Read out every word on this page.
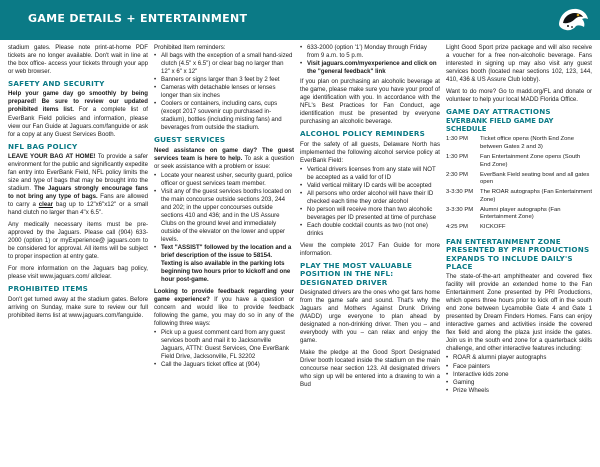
GAME DETAILS + ENTERTAINMENT

stadium gates. Please note print-at-home PDF tickets are no longer available. Don't wait in line at the box office- access your tickets through your app or web browser.

SAFETY AND SECURITY

Help your game day go smoothly by being prepared! Be sure to review our updated prohibited items list. For a complete list of EverBank Field policies and information, please view our Fan Guide at Jaguars.com/fanguide or ask for a copy at any Guest Services Booth.

NFL BAG POLICY

LEAVE YOUR BAG AT HOME! To provide a safer environment for the public and significantly expedite fan entry into EverBank Field, NFL policy limits the size and type of bags that may be brought into the stadium. The Jaguars strongly encourage fans to not bring any type of bags. Fans are allowed to carry a clear bag up to 12"x6"x12" or a small hand clutch no larger than 4"x 6.5".

Any medically necessary items must be pre-approved by the Jaguars. Please call (904) 633-2000 (option 1) or myExperience@ jaguars.com to be considered for approval. All items will be subject to proper inspection at entry gate.

For more information on the Jaguars bag policy, please visit www.jaguars.com/ allclear.

PROHIBITED ITEMS

Don't get turned away at the stadium gates. Before arriving on Sunday, make sure to review our full prohibited items list at www.jaguars.com/fanguide.

Prohibited Item reminders:

• All bags with the exception of a small hand-sized clutch (4.5" x 6.5") or clear bag no larger than 12" x 6" x 12"
• Banners or signs larger than 3 feet by 2 feet
• Cameras with detachable lenses or lenses longer than six inches
• Coolers or containers, including cans, cups (except 2017 souvenir cup purchased in-stadium), bottles (including misting fans) and beverages from outside the stadium.
GUEST SERVICES

Need assistance on game day? The guest services team is here to help. To ask a question or seek assistance with a problem or issue:

• Locate your nearest usher, security guard, police officer or guest services team member.
• Visit any of the guest services booths located on the main concourse outside sections 203, 244 and 202; in the upper concourses outside sections 410 and 436; and in the US Assure Clubs on the ground level and immediately outside of the elevator on the lower and upper levels.
• Text "ASSIST" followed by the location and a brief description of the issue to 58154. Texting is also available in the parking lots beginning two hours prior to kickoff and one hour post-game.

Looking to provide feedback regarding your game experience? If you have a question or concern and would like to provide feedback following the game, you may do so in any of the following three ways:

• Pick up a guest comment card from any guest services booth and mail it to Jacksonville Jaguars, ATTN: Guest Services, One EverBank Field Drive, Jacksonville, FL 32202
• Call the Jaguars ticket office at (904)
• 633-2000 (option '1') Monday through Friday from 9 a.m. to 5 p.m.
• Visit jaguars.com/myexperience and click on the "general feedback" link

If you plan on purchasing an alcoholic beverage at the game, please make sure you have your proof of age identification with you. In accordance with the NFL's Best Practices for Fan Conduct, age identification must be presented by everyone purchasing an alcoholic beverage.

ALCOHOL POLICY REMINDERS

For the safety of all guests, Delaware North has implemented the following alcohol service policy at EverBank Field:

• Vertical drivers licenses from any state will NOT be accepted as a valid for of ID
• Valid vertical military ID cards will be accepted
• All persons who order alcohol will have their ID checked each time they order alcohol
• No person will receive more than two alcoholic beverages per ID presented at time of purchase
• Each double cocktail counts as two (not one) drinks

View the complete 2017 Fan Guide for more information.

PLAY THE MOST VALUABLE POSITION IN THE NFL: DESIGNATED DRIVER

Designated drivers are the ones who get fans home from the game safe and sound. That's why the Jaguars and Mothers Against Drunk Driving (MADD) urge everyone to plan ahead by designated a non-drinking driver. Then you – and everybody with you – can relax and enjoy the game.

Make the pledge at the Good Sport Designated Driver booth located inside the stadium on the main concourse near section 123. All designated drivers who sign up will be entered into a drawing to win a Bud

Light Good Sport prize package and will also receive a voucher for a free non-alcoholic beverage. Fans interested in signing up may also visit any guest services booth (located near sections 102, 123, 144, 410, 436 & US Assure Club lobby).

Want to do more? Go to madd.org/FL and donate or volunteer to help your local MADD Florida Office.

GAME DAY ATTRACTIONS
EVERBANK FIELD GAME DAY SCHEDULE
1:30 PM	Ticket office opens (North End Zone between Gates 2 and 3)
1:30 PM	Fan Entertainment Zone opens (South End Zone)
2:30 PM	EverBank Field seating bowl and all gates open
3-3:30 PM	The ROAR autographs (Fan Entertainment Zone)
3-3:30 PM	Alumni player autographs (Fan Entertainment Zone)
4:25 PM	KICKOFF
FAN ENTERTAINMENT ZONE PRESENTED BY PRI PRODUCTIONS EXPANDS TO INCLUDE DAILY'S PLACE

The state-of-the-art amphitheater and covered flex facility will provide an extended home to the Fan Entertainment Zone presented by PRI Productions, which opens three hours prior to kick off in the south end zone between Lycamobile Gate 4 and Gate 1 presented by Dream Finders Homes. Fans can enjoy interactive games and activities inside the covered flex field and along the plaza just inside the gates. Join us in the south end zone for a quarterback skills challenge, and other interactive features including:

• ROAR & alumni player autographs
• Face painters
• Interactive kids zone
• Gaming
• Prize Wheels
